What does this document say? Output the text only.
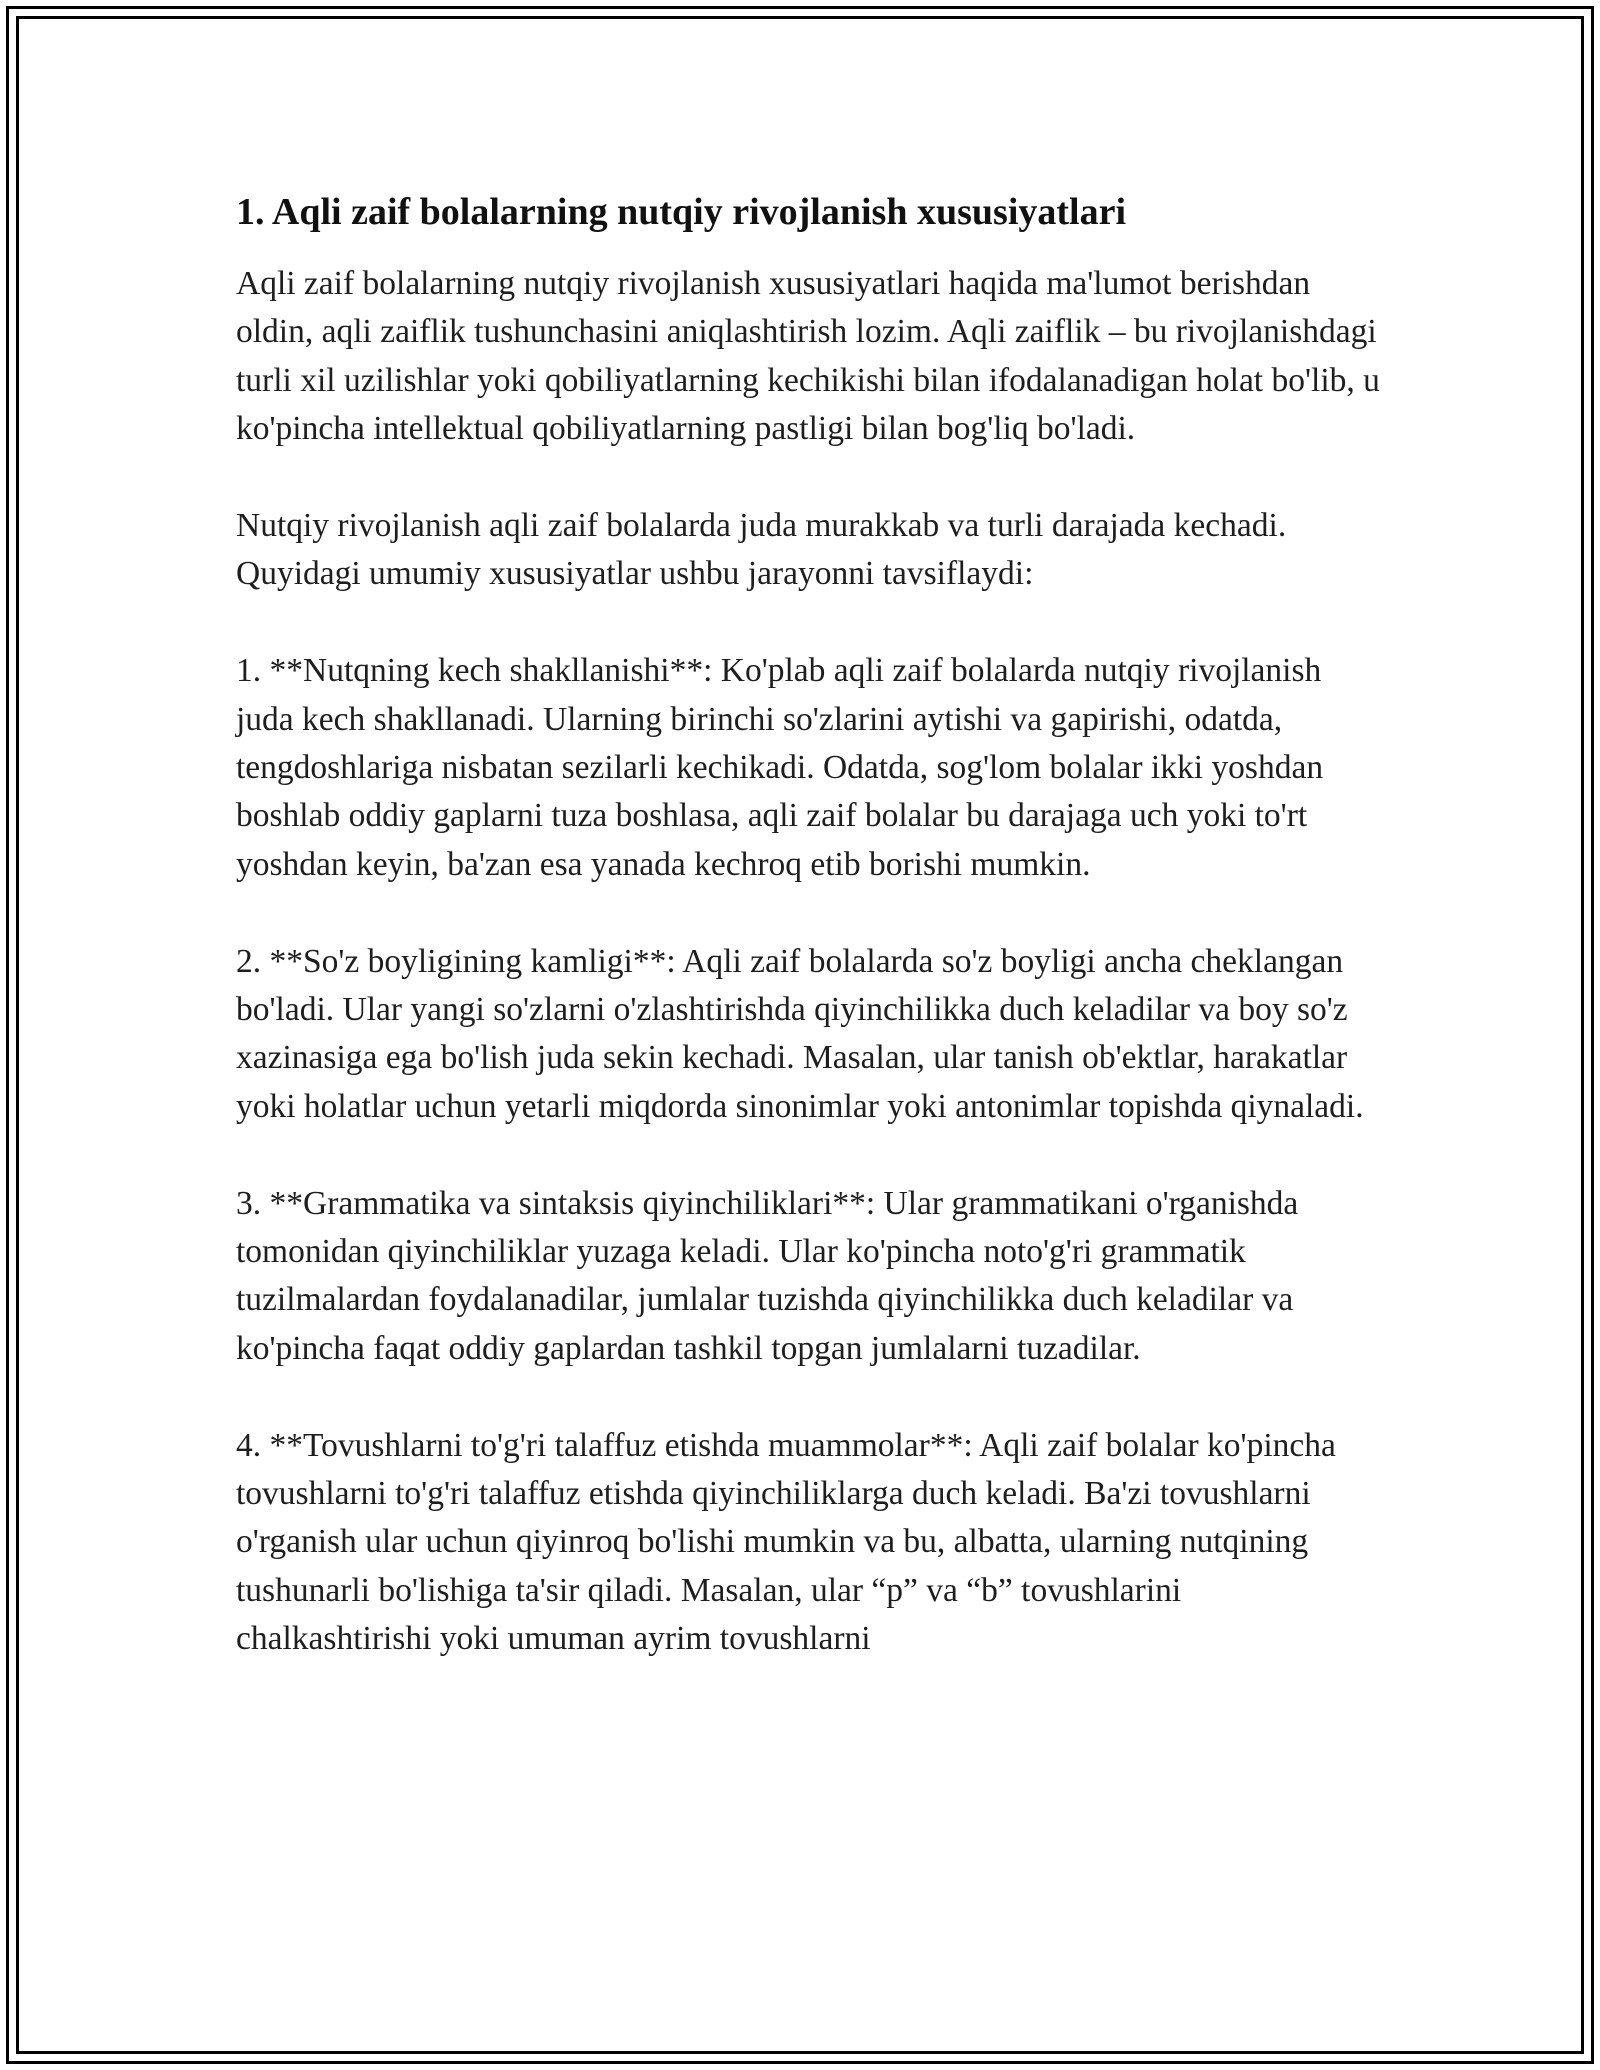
1. Aqli zaif bolalarning nutqiy rivojlanish xususiyatlari

Aqli zaif bolalarning nutqiy rivojlanish xususiyatlari haqida ma'lumot berishdan oldin, aqli zaiflik tushunchasini aniqlashtirish lozim. Aqli zaiflik – bu rivojlanishdagi turli xil uzilishlar yoki qobiliyatlarning kechikishi bilan ifodalanadigan holat bo'lib, u ko'pincha intellektual qobiliyatlarning pastligi bilan bog'liq bo'ladi.

Nutqiy rivojlanish aqli zaif bolalarda juda murakkab va turli darajada kechadi. Quyidagi umumiy xususiyatlar ushbu jarayonni tavsiflaydi:

1. **Nutqning kech shakllanishi**: Ko'plab aqli zaif bolalarda nutqiy rivojlanish juda kech shakllanadi. Ularning birinchi so'zlarini aytishi va gapirishi, odatda, tengdoshlariga nisbatan sezilarli kechikadi. Odatda, sog'lom bolalar ikki yoshdan boshlab oddiy gaplarni tuza boshlasa, aqli zaif bolalar bu darajaga uch yoki to'rt yoshdan keyin, ba'zan esa yanada kechroq etib borishi mumkin.

2. **So'z boyligining kamligi**: Aqli zaif bolalarda so'z boyligi ancha cheklangan bo'ladi. Ular yangi so'zlarni o'zlashtirishda qiyinchilikka duch keladilar va boy so'z xazinasiga ega bo'lish juda sekin kechadi. Masalan, ular tanish ob'ektlar, harakatlar yoki holatlar uchun yetarli miqdorda sinonimlar yoki antonimlar topishda qiynaladi.

3. **Grammatika va sintaksis qiyinchiliklari**: Ular grammatikani o'rganishda tomonidan qiyinchiliklar yuzaga keladi. Ular ko'pincha noto'g'ri grammatik tuzilmalardan foydalanadilar, jumlalar tuzishda qiyinchilikka duch keladilar va ko'pincha faqat oddiy gaplardan tashkil topgan jumlalarni tuzadilar.

4. **Tovushlarni to'g'ri talaffuz etishda muammolar**: Aqli zaif bolalar ko'pincha tovushlarni to'g'ri talaffuz etishda qiyinchiliklarga duch keladi. Ba'zi tovushlarni o'rganish ular uchun qiyinroq bo'lishi mumkin va bu, albatta, ularning nutqining tushunarli bo'lishiga ta'sir qiladi. Masalan, ular “p” va “b” tovushlarini chalkashtirishi yoki umuman ayrim tovushlarni
